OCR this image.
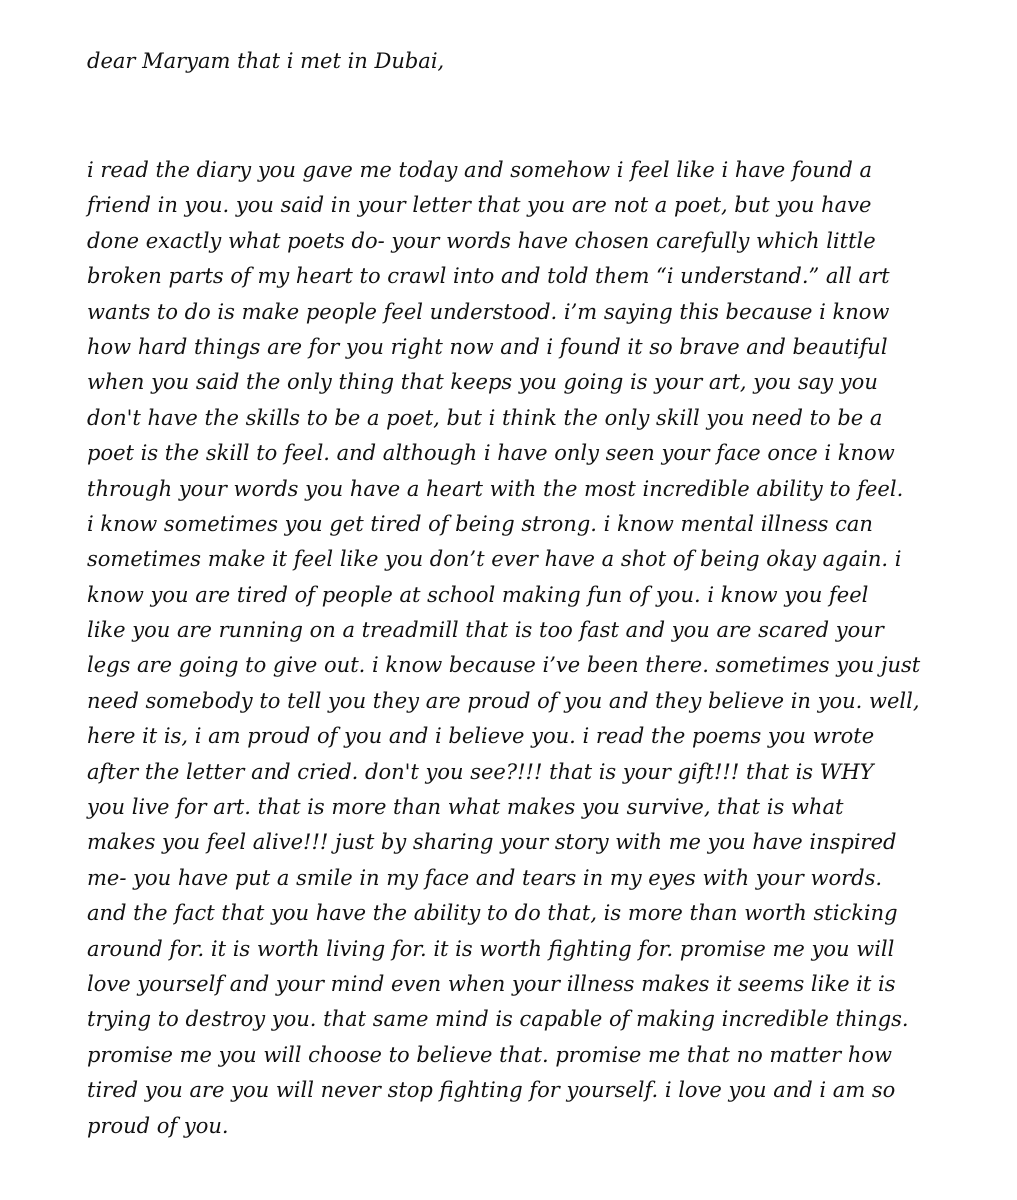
dear Maryam that i met in Dubai,

i read the diary you gave me today and somehow i feel like i have found a
friend in you. you said in your letter that you are not a poet, but you have
done exactly what poets do- your words have chosen carefully which little
broken parts of my heart to crawl into and told them “i understand.” all art
wants to do is make people feel understood. i’m saying this because i know
how hard things are for you right now and i found it so brave and beautiful
when you said the only thing that keeps you going is your art, you say you
don't have the skills to be a poet, but i think the only skill you need to be a
poet is the skill to feel. and although i have only seen your face once i know
through your words you have a heart with the most incredible ability to feel.
i know sometimes you get tired of being strong. i know mental illness can
sometimes make it feel like you don’t ever have a shot of being okay again. i
know you are tired of people at school making fun of you. i know you feel
like you are running on a treadmill that is too fast and you are scared your
legs are going to give out. i know because i’ve been there. sometimes you just
need somebody to tell you they are proud of you and they believe in you. well,
here it is, i am proud of you and i believe you. i read the poems you wrote
after the letter and cried. don't you see?!!! that is your gift!!! that is WHY
you live for art. that is more than what makes you survive, that is what
makes you feel alive!!! just by sharing your story with me you have inspired
me- you have put a smile in my face and tears in my eyes with your words.
and the fact that you have the ability to do that, is more than worth sticking
around for. it is worth living for. it is worth fighting for. promise me you will
love yourself and your mind even when your illness makes it seems like it is
trying to destroy you. that same mind is capable of making incredible things.
promise me you will choose to believe that. promise me that no matter how
tired you are you will never stop fighting for yourself. i love you and i am so
proud of you.
